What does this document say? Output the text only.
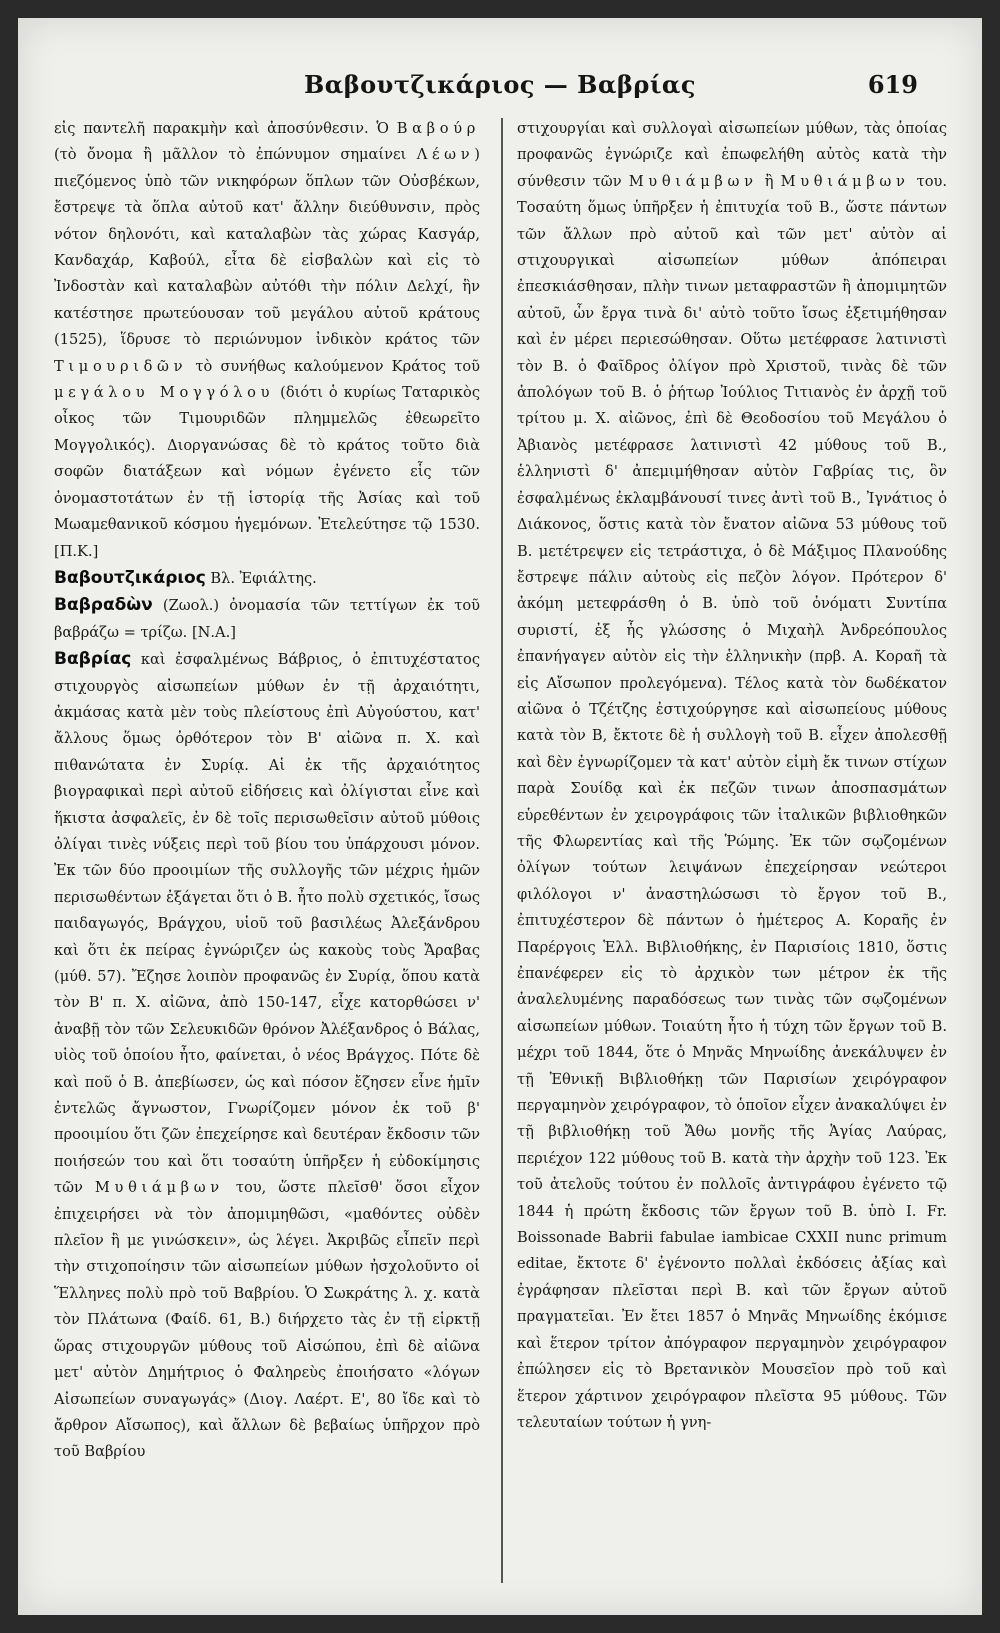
Βαβουτζικάριος — Βαβρίας	619

εἰς παντελῆ παρακμὴν καὶ ἀποσύνθεσιν. Ὁ Βαβούρ (τὸ ὄνομα ἢ μᾶλλον τὸ ἐπώνυμον σημαίνει Λέων) πιεζόμενος ὑπὸ τῶν νικηφόρων ὅπλων τῶν Οὐσβέκων, ἔστρεψε τὰ ὅπλα αὐτοῦ κατ' ἄλλην διεύθυνσιν, πρὸς νότον δηλονότι, καὶ καταλαβὼν τὰς χώρας Κασγάρ, Κανδαχάρ, Καβούλ, εἶτα δὲ εἰσβαλὼν καὶ εἰς τὸ Ἰνδοστὰν καὶ καταλαβὼν αὐτόθι τὴν πόλιν Δελχί, ἣν κατέστησε πρωτεύουσαν τοῦ μεγάλου αὐτοῦ κράτους (1525), ἵδρυσε τὸ περιώνυμον ἰνδικὸν κράτος τῶν Τιμουριδῶν τὸ συνήθως καλούμενον Κράτος τοῦ μεγάλου Μογγόλου (διότι ὁ κυρίως Ταταρικὸς οἶκος τῶν Τιμουριδῶν πλημμελῶς ἐθεωρεῖτο Μογγολικός). Διοργανώσας δὲ τὸ κράτος τοῦτο διὰ σοφῶν διατάξεων καὶ νόμων ἐγένετο εἷς τῶν ὀνομαστοτάτων ἐν τῇ ἱστορίᾳ τῆς Ἀσίας καὶ τοῦ Μωαμεθανικοῦ κόσμου ἡγεμόνων. Ἐτελεύτησε τῷ 1530. [Π.Κ.]

Βαβουτζικάριος Βλ. Ἐφιάλτης.

Βαβραδὼν (Ζωολ.) ὀνομασία τῶν τεττίγων ἐκ τοῦ βαβράζω = τρίζω. [Ν.Α.]

Βαβρίας καὶ ἐσφαλμένως Βάβριος, ὁ ἐπιτυχέστατος στιχουργὸς αἰσωπείων μύθων ἐν τῇ ἀρχαιότητι, ἀκμάσας κατὰ μὲν τοὺς πλείστους ἐπὶ Αὐγούστου, κατ' ἄλλους ὅμως ὀρθότερον τὸν Β' αἰῶνα π. Χ. καὶ πιθανώτατα ἐν Συρίᾳ. Αἱ ἐκ τῆς ἀρχαιότητος βιογραφικαὶ περὶ αὐτοῦ εἰδήσεις καὶ ὀλίγισται εἶνε καὶ ἥκιστα ἀσφαλεῖς, ἐν δὲ τοῖς περισωθεῖσιν αὐτοῦ μύθοις ὀλίγαι τινὲς νύξεις περὶ τοῦ βίου του ὑπάρχουσι μόνον. Ἐκ τῶν δύο προοιμίων τῆς συλλογῆς τῶν μέχρις ἡμῶν περισωθέντων ἐξάγεται ὅτι ὁ Β. ἦτο πολὺ σχετικός, ἴσως παιδαγωγός, Βράγχου, υἱοῦ τοῦ βασιλέως Ἀλεξάνδρου καὶ ὅτι ἐκ πείρας ἐγνώριζεν ὡς κακοὺς τοὺς Ἄραβας (μύθ. 57). Ἔζησε λοιπὸν προφανῶς ἐν Συρίᾳ, ὅπου κατὰ τὸν Β' π. Χ. αἰῶνα, ἀπὸ 150-147, εἶχε κατορθώσει ν' ἀναβῇ τὸν τῶν Σελευκιδῶν θρόνον Ἀλέξανδρος ὁ Βάλας, υἱὸς τοῦ ὁποίου ἦτο, φαίνεται, ὁ νέος Βράγχος. Πότε δὲ καὶ ποῦ ὁ Β. ἀπεβίωσεν, ὡς καὶ πόσον ἔζησεν εἶνε ἡμῖν ἐντελῶς ἄγνωστον, Γνωρίζομεν μόνον ἐκ τοῦ β' προοιμίου ὅτι ζῶν ἐπεχείρησε καὶ δευτέραν ἔκδοσιν τῶν ποιήσεών του καὶ ὅτι τοσαύτη ὑπῆρξεν ἡ εὐδοκίμησις τῶν Μυθιάμβων του, ὥστε πλεῖσθ' ὅσοι εἶχον ἐπιχειρήσει νὰ τὸν ἀπομιμηθῶσι, «μαθόντες οὐδὲν πλεῖον ἢ με γινώσκειν», ὡς λέγει. Ἀκριβῶς εἶπεῖν περὶ τὴν στιχοποίησιν τῶν αἰσωπείων μύθων ἠσχολοῦντο οἱ Ἕλληνες πολὺ πρὸ τοῦ Βαβρίου. Ὁ Σωκράτης λ. χ. κατὰ τὸν Πλάτωνα (Φαίδ. 61, Β.) διήρχετο τὰς ἐν τῇ εἱρκτῇ ὥρας στιχουργῶν μύθους τοῦ Αἰσώπου, ἐπὶ δὲ αἰῶνα μετ' αὐτὸν Δημήτριος ὁ Φαληρεὺς ἐποιήσατο «λόγων Αἰσωπείων συναγωγάς» (Διογ. Λαέρτ. Ε', 80 ἴδε καὶ τὸ ἄρθρον Αἴσωπος), καὶ ἄλλων δὲ βεβαίως ὑπῆρχον πρὸ τοῦ Βαβρίου

στιχουργίαι καὶ συλλογαὶ αἰσωπείων μύθων, τὰς ὁποίας προφανῶς ἐγνώριζε καὶ ἐπωφελήθη αὐτὸς κατὰ τὴν σύνθεσιν τῶν Μυθιάμβων ἢ Μυθιάμβων του. Τοσαύτη ὅμως ὑπῆρξεν ἡ ἐπιτυχία τοῦ Β., ὥστε πάντων τῶν ἄλλων πρὸ αὐτοῦ καὶ τῶν μετ' αὐτὸν αἱ στιχουργικαὶ αἰσωπείων μύθων ἀπόπειραι ἐπεσκιάσθησαν, πλὴν τινων μεταφραστῶν ἢ ἀπομιμητῶν αὐτοῦ, ὧν ἔργα τινὰ δι' αὐτὸ τοῦτο ἴσως ἐξετιμήθησαν καὶ ἐν μέρει περιεσώθησαν. Οὕτω μετέφρασε λατινιστὶ τὸν Β. ὁ Φαῖδρος ὀλίγον πρὸ Χριστοῦ, τινὰς δὲ τῶν ἀπολόγων τοῦ Β. ὁ ῥήτωρ Ἰούλιος Τιτιανὸς ἐν ἀρχῇ τοῦ τρίτου μ. Χ. αἰῶνος, ἐπὶ δὲ Θεοδοσίου τοῦ Μεγάλου ὁ Ἀβιανὸς μετέφρασε λατινιστὶ 42 μύθους τοῦ Β., ἑλληνιστὶ δ' ἀπεμιμήθησαν αὐτὸν Γαβρίας τις, ὃν ἐσφαλμένως ἐκλαμβάνουσί τινες ἀντὶ τοῦ Β., Ἰγνάτιος ὁ Διάκονος, ὅστις κατὰ τὸν ἔνατον αἰῶνα 53 μύθους τοῦ Β. μετέτρεψεν εἰς τετράστιχα, ὁ δὲ Μάξιμος Πλανούδης ἔστρεψε πάλιν αὐτοὺς εἰς πεζὸν λόγον. Πρότερον δ' ἀκόμη μετεφράσθη ὁ Β. ὑπὸ τοῦ ὀνόματι Συντίπα συριστί, ἐξ ἧς γλώσσης ὁ Μιχαὴλ Ἀνδρεόπουλος ἐπανήγαγεν αὐτὸν εἰς τὴν ἑλληνικὴν (πρβ. Α. Κοραῆ τὰ εἰς Αἴσωπον προλεγόμενα). Τέλος κατὰ τὸν δωδέκατον αἰῶνα ὁ Τζέτζης ἐστιχούργησε καὶ αἰσωπείους μύθους κατὰ τὸν Β, ἔκτοτε δὲ ἡ συλλογὴ τοῦ Β. εἶχεν ἀπολεσθῇ καὶ δὲν ἐγνωρίζομεν τὰ κατ' αὐτὸν εἰμὴ ἔκ τινων στίχων παρὰ Σουίδᾳ καὶ ἐκ πεζῶν τινων ἀποσπασμάτων εὑρεθέντων ἐν χειρογράφοις τῶν ἰταλικῶν βιβλιοθηκῶν τῆς Φλωρεντίας καὶ τῆς Ῥώμης. Ἐκ τῶν σῳζομένων ὀλίγων τούτων λειψάνων ἐπεχείρησαν νεώτεροι φιλόλογοι ν' ἀναστηλώσωσι τὸ ἔργον τοῦ Β., ἐπιτυχέστερον δὲ πάντων ὁ ἡμέτερος Α. Κοραῆς ἐν Παρέργοις Ἑλλ. Βιβλιοθήκης, ἐν Παρισίοις 1810, ὅστις ἐπανέφερεν εἰς τὸ ἀρχικὸν των μέτρον ἐκ τῆς ἀναλελυμένης παραδόσεως των τινὰς τῶν σῳζομένων αἰσωπείων μύθων. Τοιαύτη ἦτο ἡ τύχη τῶν ἔργων τοῦ Β. μέχρι τοῦ 1844, ὅτε ὁ Μηνᾶς Μηνωίδης ἀνεκάλυψεν ἐν τῇ Ἐθνικῇ Βιβλιοθήκῃ τῶν Παρισίων χειρόγραφον περγαμηνὸν χειρόγραφον, τὸ ὁποῖον εἶχεν ἀνακαλύψει ἐν τῇ βιβλιοθήκῃ τοῦ Ἄθω μονῆς τῆς Ἁγίας Λαύρας, περιέχον 122 μύθους τοῦ Β. κατὰ τὴν ἀρχὴν τοῦ 123. Ἐκ τοῦ ἀτελοῦς τούτου ἐν πολλοῖς ἀντιγράφου ἐγένετο τῷ 1844 ἡ πρώτη ἔκδοσις τῶν ἔργων τοῦ Β. ὑπὸ I. Fr. Boissonade Babrii fabulae iambicae CXXII nunc primum editae, ἔκτοτε δ' ἐγένοντο πολλαὶ ἐκδόσεις ἀξίας καὶ ἐγράφησαν πλεῖσται περὶ Β. καὶ τῶν ἔργων αὐτοῦ πραγματεῖαι. Ἐν ἔτει 1857 ὁ Μηνᾶς Μηνωίδης ἐκόμισε καὶ ἕτερον τρίτον ἀπόγραφον περγαμηνὸν χειρόγραφον ἐπώλησεν εἰς τὸ Βρετανικὸν Μουσεῖον πρὸ τοῦ καὶ ἕτερον χάρτινον χειρόγραφον πλεῖστα 95 μύθους. Τῶν τελευταίων τούτων ἡ γνη-
